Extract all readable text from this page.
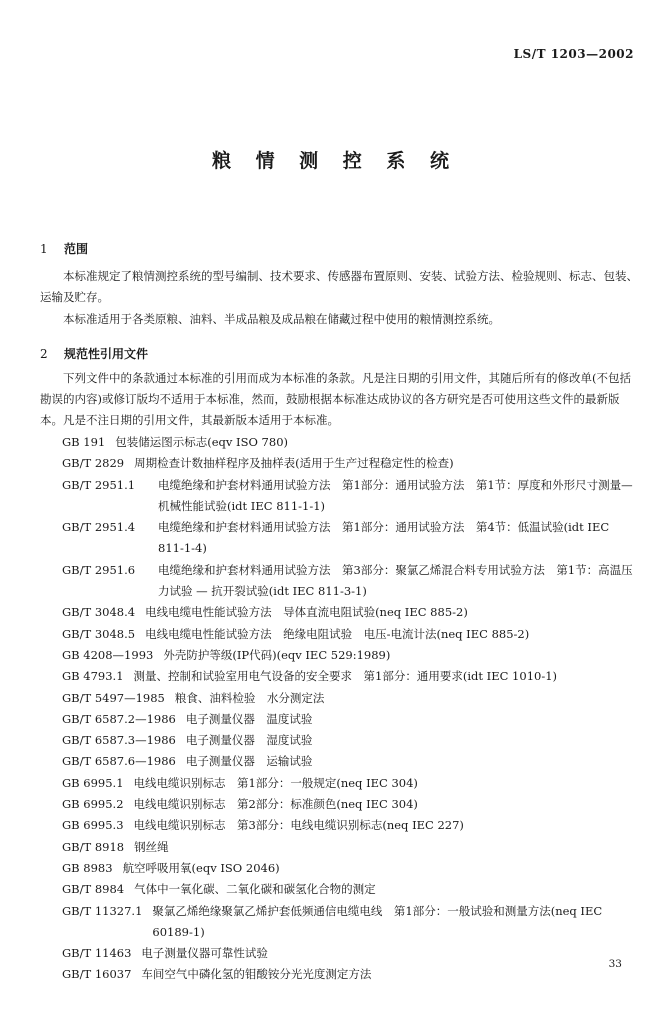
LS/T 1203—2002
粮 情 测 控 系 统
1 范围

本标准规定了粮情测控系统的型号编制、技术要求、传感器布置原则、安装、试验方法、检验规则、标志、包装、运输及贮存。

本标准适用于各类原粮、油料、半成品粮及成品粮在储藏过程中使用的粮情测控系统。

2 规范性引用文件

下列文件中的条款通过本标准的引用而成为本标准的条款。凡是注日期的引用文件，其随后所有的修改单(不包括勘误的内容)或修订版均不适用于本标准，然而，鼓励根据本标准达成协议的各方研究是否可使用这些文件的最新版本。凡是不注日期的引用文件，其最新版本适用于本标准。

GB 191 包装储运图示标志(eqv ISO 780)
GB/T 2829 周期检查计数抽样程序及抽样表(适用于生产过程稳定性的检查)
GB/T 2951.1	电缆绝缘和护套材料通用试验方法　第1部分：通用试验方法　第1节：厚度和外形尺寸测量— 机械性能试验(idt IEC 811-1-1)
GB/T 2951.4	电缆绝缘和护套材料通用试验方法　第1部分：通用试验方法　第4节：低温试验(idt IEC 811-1-4)
GB/T 2951.6	电缆绝缘和护套材料通用试验方法　第3部分：聚氯乙烯混合料专用试验方法　第1节：高温压力试验 — 抗开裂试验(idt IEC 811-3-1)
GB/T 3048.4 电线电缆电性能试验方法　导体直流电阻试验(neq IEC 885-2)
GB/T 3048.5 电线电缆电性能试验方法　绝缘电阻试验　电压-电流计法(neq IEC 885-2)
GB 4208—1993 外壳防护等级(IP代码)(eqv IEC 529:1989)
GB 4793.1 测量、控制和试验室用电气设备的安全要求　第1部分：通用要求(idt IEC 1010-1)
GB/T 5497—1985 粮食、油料检验　水分测定法
GB/T 6587.2—1986 电子测量仪器　温度试验
GB/T 6587.3—1986 电子测量仪器　湿度试验
GB/T 6587.6—1986 电子测量仪器　运输试验
GB 6995.1 电线电缆识别标志　第1部分：一般规定(neq IEC 304)
GB 6995.2 电线电缆识别标志　第2部分：标准颜色(neq IEC 304)
GB 6995.3 电线电缆识别标志　第3部分：电线电缆识别标志(neq IEC 227)
GB/T 8918 钢丝绳
GB 8983 航空呼吸用氧(eqv ISO 2046)
GB/T 8984 气体中一氧化碳、二氧化碳和碳氢化合物的测定
GB/T 11327.1 聚氯乙烯绝缘聚氯乙烯护套低频通信电缆电线　第1部分：一般试验和测量方法(neq IEC 60189-1)
GB/T 11463 电子测量仪器可靠性试验
GB/T 16037 车间空气中磷化氢的钼酸铵分光光度测定方法
33
